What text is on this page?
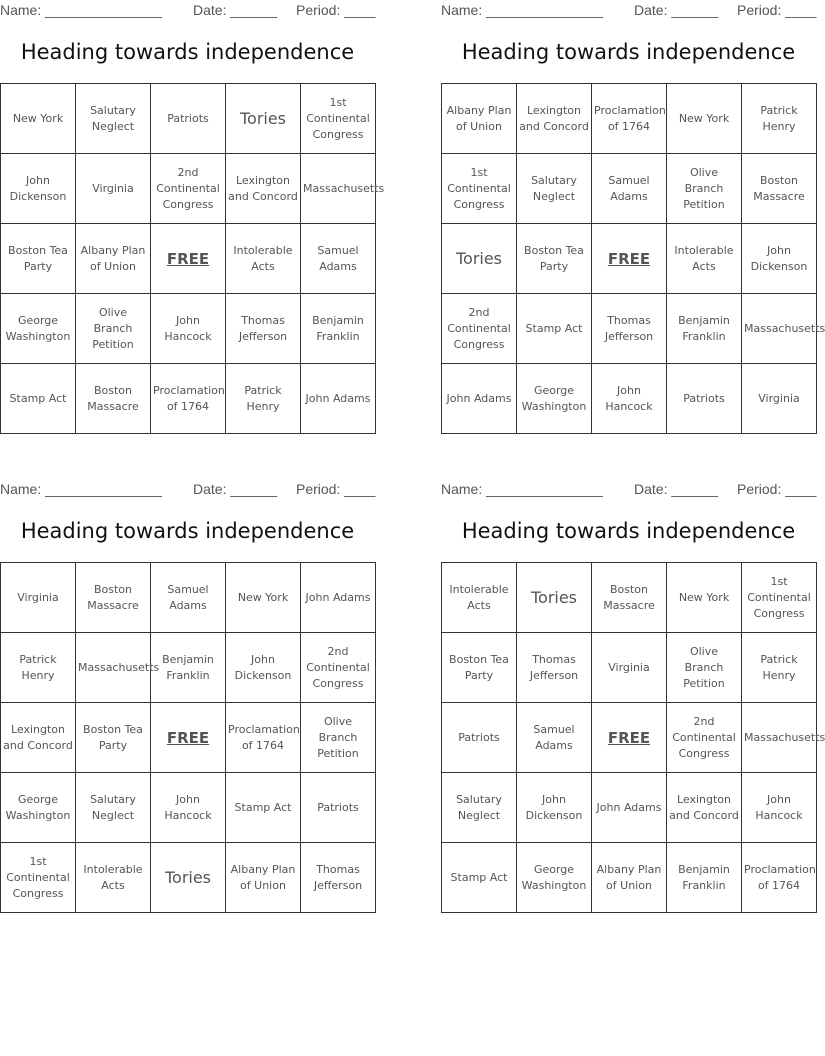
Name: _______________ Date: ______ Period: ____
Heading towards independence
New York	Salutary Neglect	Patriots	Tories	1st Continental Congress
John Dickenson	Virginia	2nd Continental Congress	Lexington and Concord	Massachusetts
Boston Tea Party	Albany Plan of Union	FREE	Intolerable Acts	Samuel Adams
George Washington	Olive Branch Petition	John Hancock	Thomas Jefferson	Benjamin Franklin
Stamp Act	Boston Massacre	Proclamation of 1764	Patrick Henry	John Adams
Name: _______________ Date: ______ Period: ____
Heading towards independence
Albany Plan of Union	Lexington and Concord	Proclamation of 1764	New York	Patrick Henry
1st Continental Congress	Salutary Neglect	Samuel Adams	Olive Branch Petition	Boston Massacre
Tories	Boston Tea Party	FREE	Intolerable Acts	John Dickenson
2nd Continental Congress	Stamp Act	Thomas Jefferson	Benjamin Franklin	Massachusetts
John Adams	George Washington	John Hancock	Patriots	Virginia
Name: _______________ Date: ______ Period: ____
Heading towards independence
Virginia	Boston Massacre	Samuel Adams	New York	John Adams
Patrick Henry	Massachusetts	Benjamin Franklin	John Dickenson	2nd Continental Congress
Lexington and Concord	Boston Tea Party	FREE	Proclamation of 1764	Olive Branch Petition
George Washington	Salutary Neglect	John Hancock	Stamp Act	Patriots
1st Continental Congress	Intolerable Acts	Tories	Albany Plan of Union	Thomas Jefferson
Name: _______________ Date: ______ Period: ____
Heading towards independence
Intolerable Acts	Tories	Boston Massacre	New York	1st Continental Congress
Boston Tea Party	Thomas Jefferson	Virginia	Olive Branch Petition	Patrick Henry
Patriots	Samuel Adams	FREE	2nd Continental Congress	Massachusetts
Salutary Neglect	John Dickenson	John Adams	Lexington and Concord	John Hancock
Stamp Act	George Washington	Albany Plan of Union	Benjamin Franklin	Proclamation of 1764
